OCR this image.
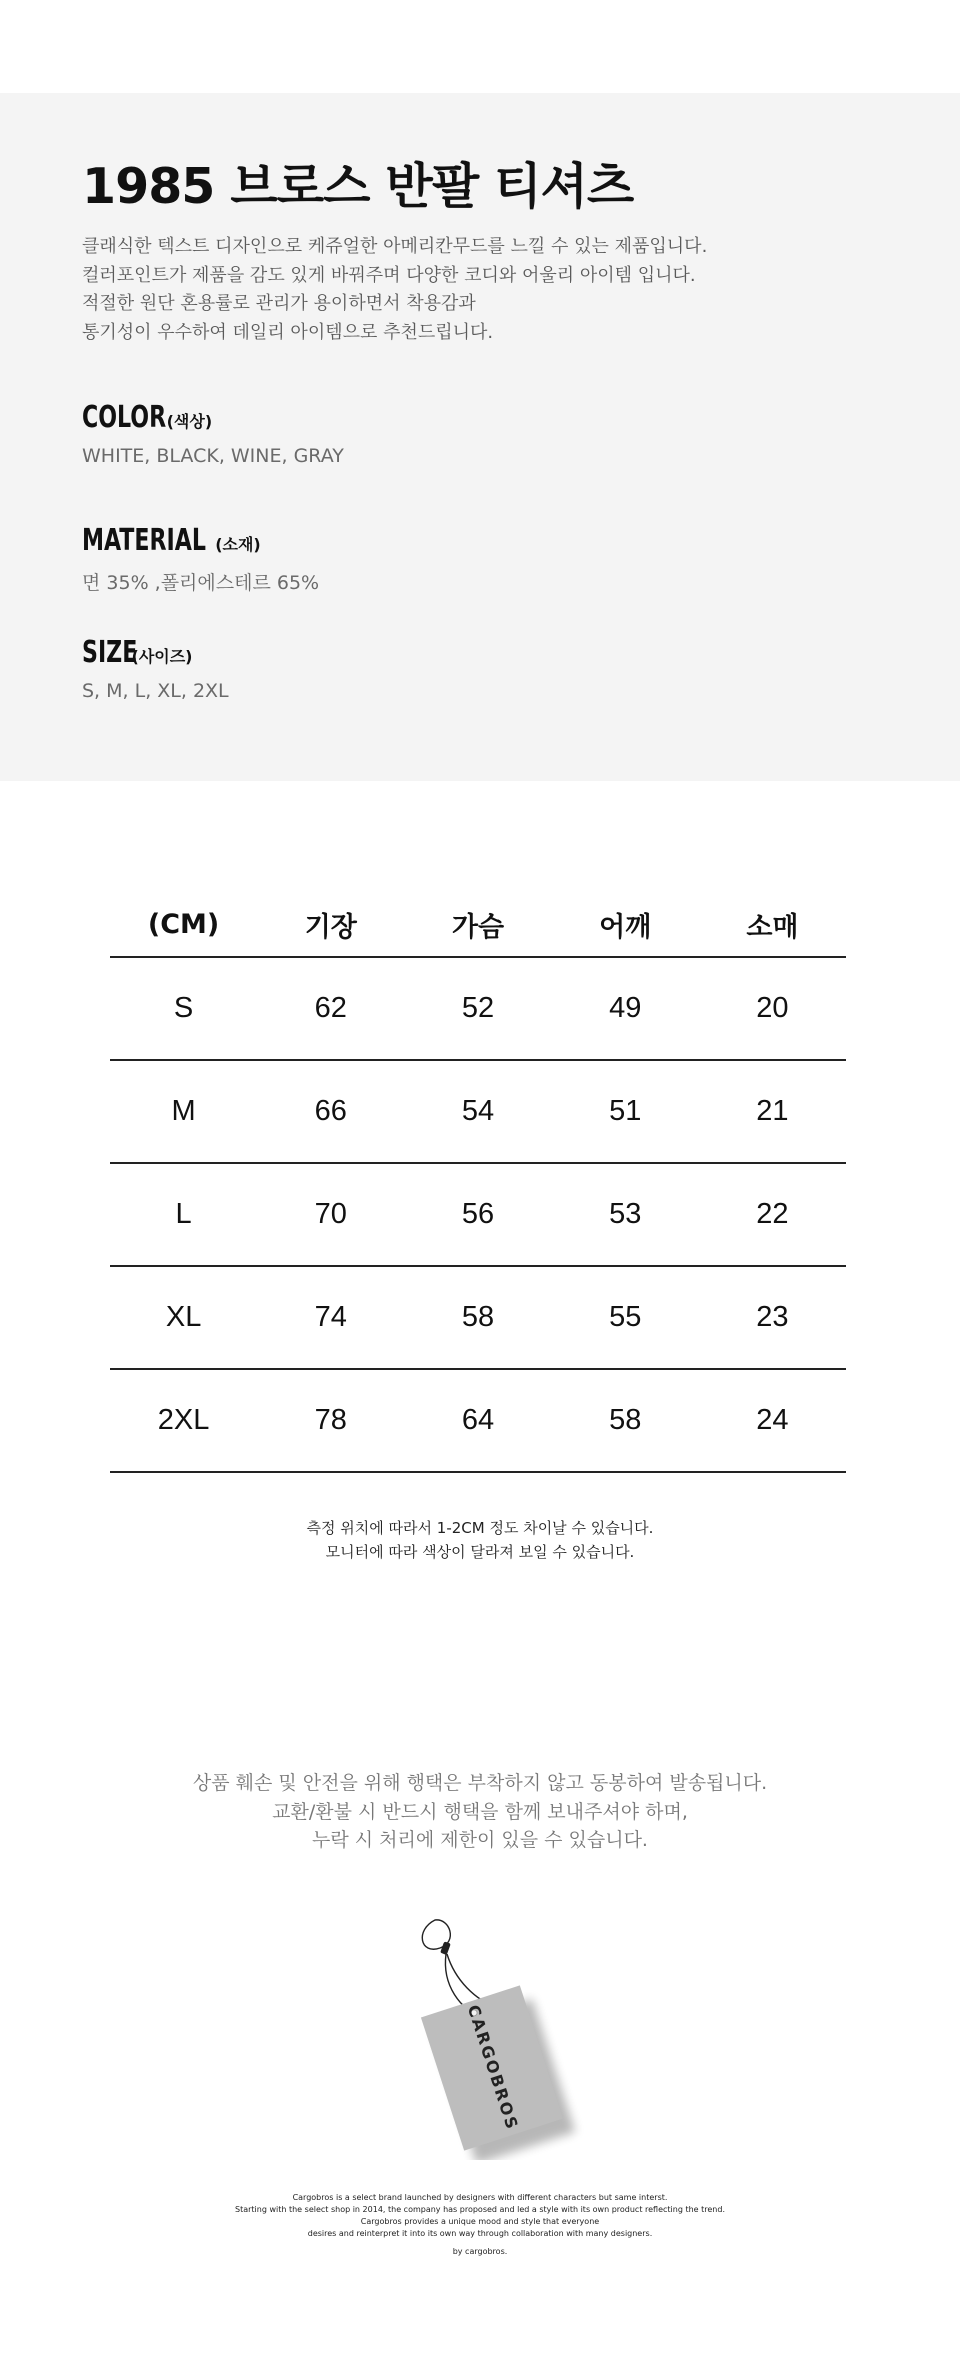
1985 브로스 반팔 티셔츠

클래식한 텍스트 디자인으로 케쥬얼한 아메리칸무드를 느낄 수 있는 제품입니다.

컬러포인트가 제품을 감도 있게 바꿔주며 다양한 코디와 어울리 아이템 입니다.

적절한 원단 혼용률로 관리가 용이하면서 착용감과

통기성이 우수하여 데일리 아이템으로 추천드립니다.

COLOR(색상)
WHITE, BLACK, WINE, GRAY
MATERIAL (소재)
면 35% ,폴리에스테르 65%
SIZE(사이즈)
S, M, L, XL, 2XL
(CM)	기장	가슴	어깨	소매
S	62	52	49	20
M	66	54	51	21
L	70	56	53	22
XL	74	58	55	23
2XL	78	64	58	24

측정 위치에 따라서 1-2CM 정도 차이날 수 있습니다.

모니터에 따라 색상이 달라져 보일 수 있습니다.

상품 훼손 및 안전을 위해 행택은 부착하지 않고 동봉하여 발송됩니다.

교환/환불 시 반드시 행택을 함께 보내주셔야 하며,

누락 시 처리에 제한이 있을 수 있습니다.

CARGOBROS

Cargobros is a select brand launched by designers with different characters but same interst.

Starting with the select shop in 2014, the company has proposed and led a style with its own product reflecting the trend.

Cargobros provides a unique mood and style that everyone

desires and reinterpret it into its own way through collaboration with many designers.

by cargobros.
